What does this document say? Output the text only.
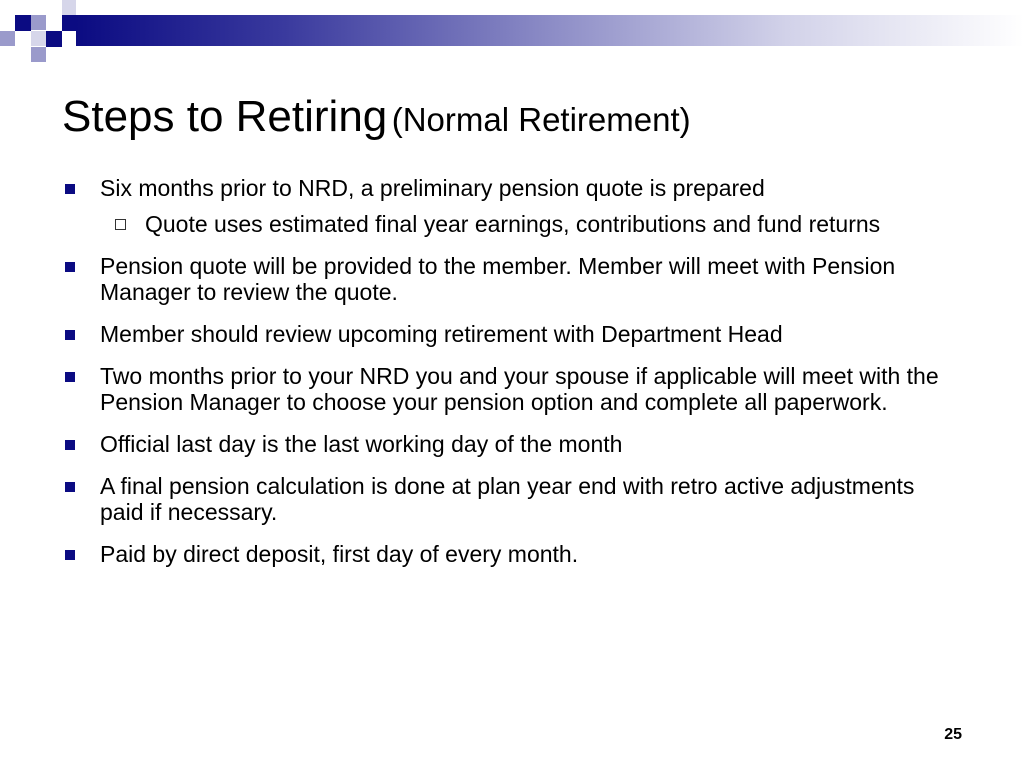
Steps to Retiring (Normal Retirement)
Six months prior to NRD, a preliminary pension quote is prepared
Quote uses estimated final year earnings, contributions and fund returns
Pension quote will be provided to the member. Member will meet with Pension Manager to review the quote.
Member should review upcoming retirement with Department Head
Two months prior to your NRD you and your spouse if applicable will meet with the Pension Manager to choose your pension option and complete all paperwork.
Official last day is the last working day of the month
A final pension calculation is done at plan year end with retro active adjustments paid if necessary.
Paid by direct deposit, first day of every month.
25
